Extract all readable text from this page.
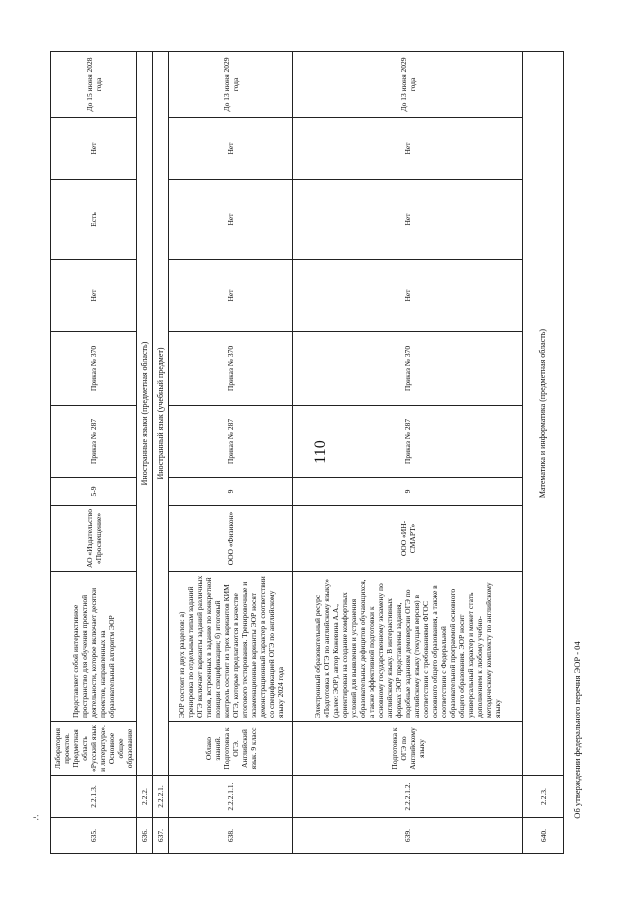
110
Об утверждении федерального перечня ЭОР - 04
-:
635.	2.2.1.3.	Лаборатория проектов. Предметная область «Русский язык и литература». Основное общее образование	Представляет собой интерактивное пространство для обучения проектной деятельности, которое включает десятки проектов, направленных на образовательный алгоритм ЭОР	АО «Издательство «Просвещение»	5-9	Приказ № 287	Приказ № 370	Нет	Есть	Нет	До 15 июня 2028 года
636.	2.2.2.	Иностранные языки (предметная область)									
637.	2.2.2.1.	Иностранный язык (учебный предмет)									
638.	2.2.2.1.1.	Облако знаний. Подготовка к ОГЭ. Английский язык. 9 класс	ЭОР состоит из двух разделов: а) тренировка по отдельным типам заданий ОГЭ включает варианты заданий различных типов, встроенных в задание по конкретной позиции спецификации; б) итоговый контроль состоит из трех вариантов КИМ ОГЭ, которые предлагаются в качестве итогового тестирования. Тренировочные и экзаменационные варианты ЭОР носят демонстрационный характер в соответствии со спецификацией ОГЭ по английскому языку 2024 года	ООО «Физикон»	9	Приказ № 287	Приказ № 370	Нет	Нет	Нет	До 13 июня 2029 года
639.	2.2.2.1.2.	Подготовка к ОГЭ по Английскому языку	Электронный образовательный ресурс «Подготовка к ОГЭ по английскому языку» (далее: ЭОР), автор Кожевина А.А., ориентирован на создание комфортных условий для выявления и устранения образовательных дефицитов обучающихся, а также эффективной подготовки к основному государственному экзамену по английскому языку. В интерактивных формах ЭОР представлены задания, подобные заданиям демоверсии ОГЭ по английскому языку (текущая версия) в соответствии с требованиями ФГОС основного общего образования, а также в соответствии с Федеральной образовательной программой основного общего образования. ЭОР носит универсальный характер и может стать дополнением к любому учебно-методическому комплекту по английскому языку	ООО «ИН-СМАРТ»	9	Приказ № 287	Приказ № 370	Нет	Нет	Нет	До 13 июня 2029 года
640.	2.2.3.	Математика и информатика (предметная область)									
